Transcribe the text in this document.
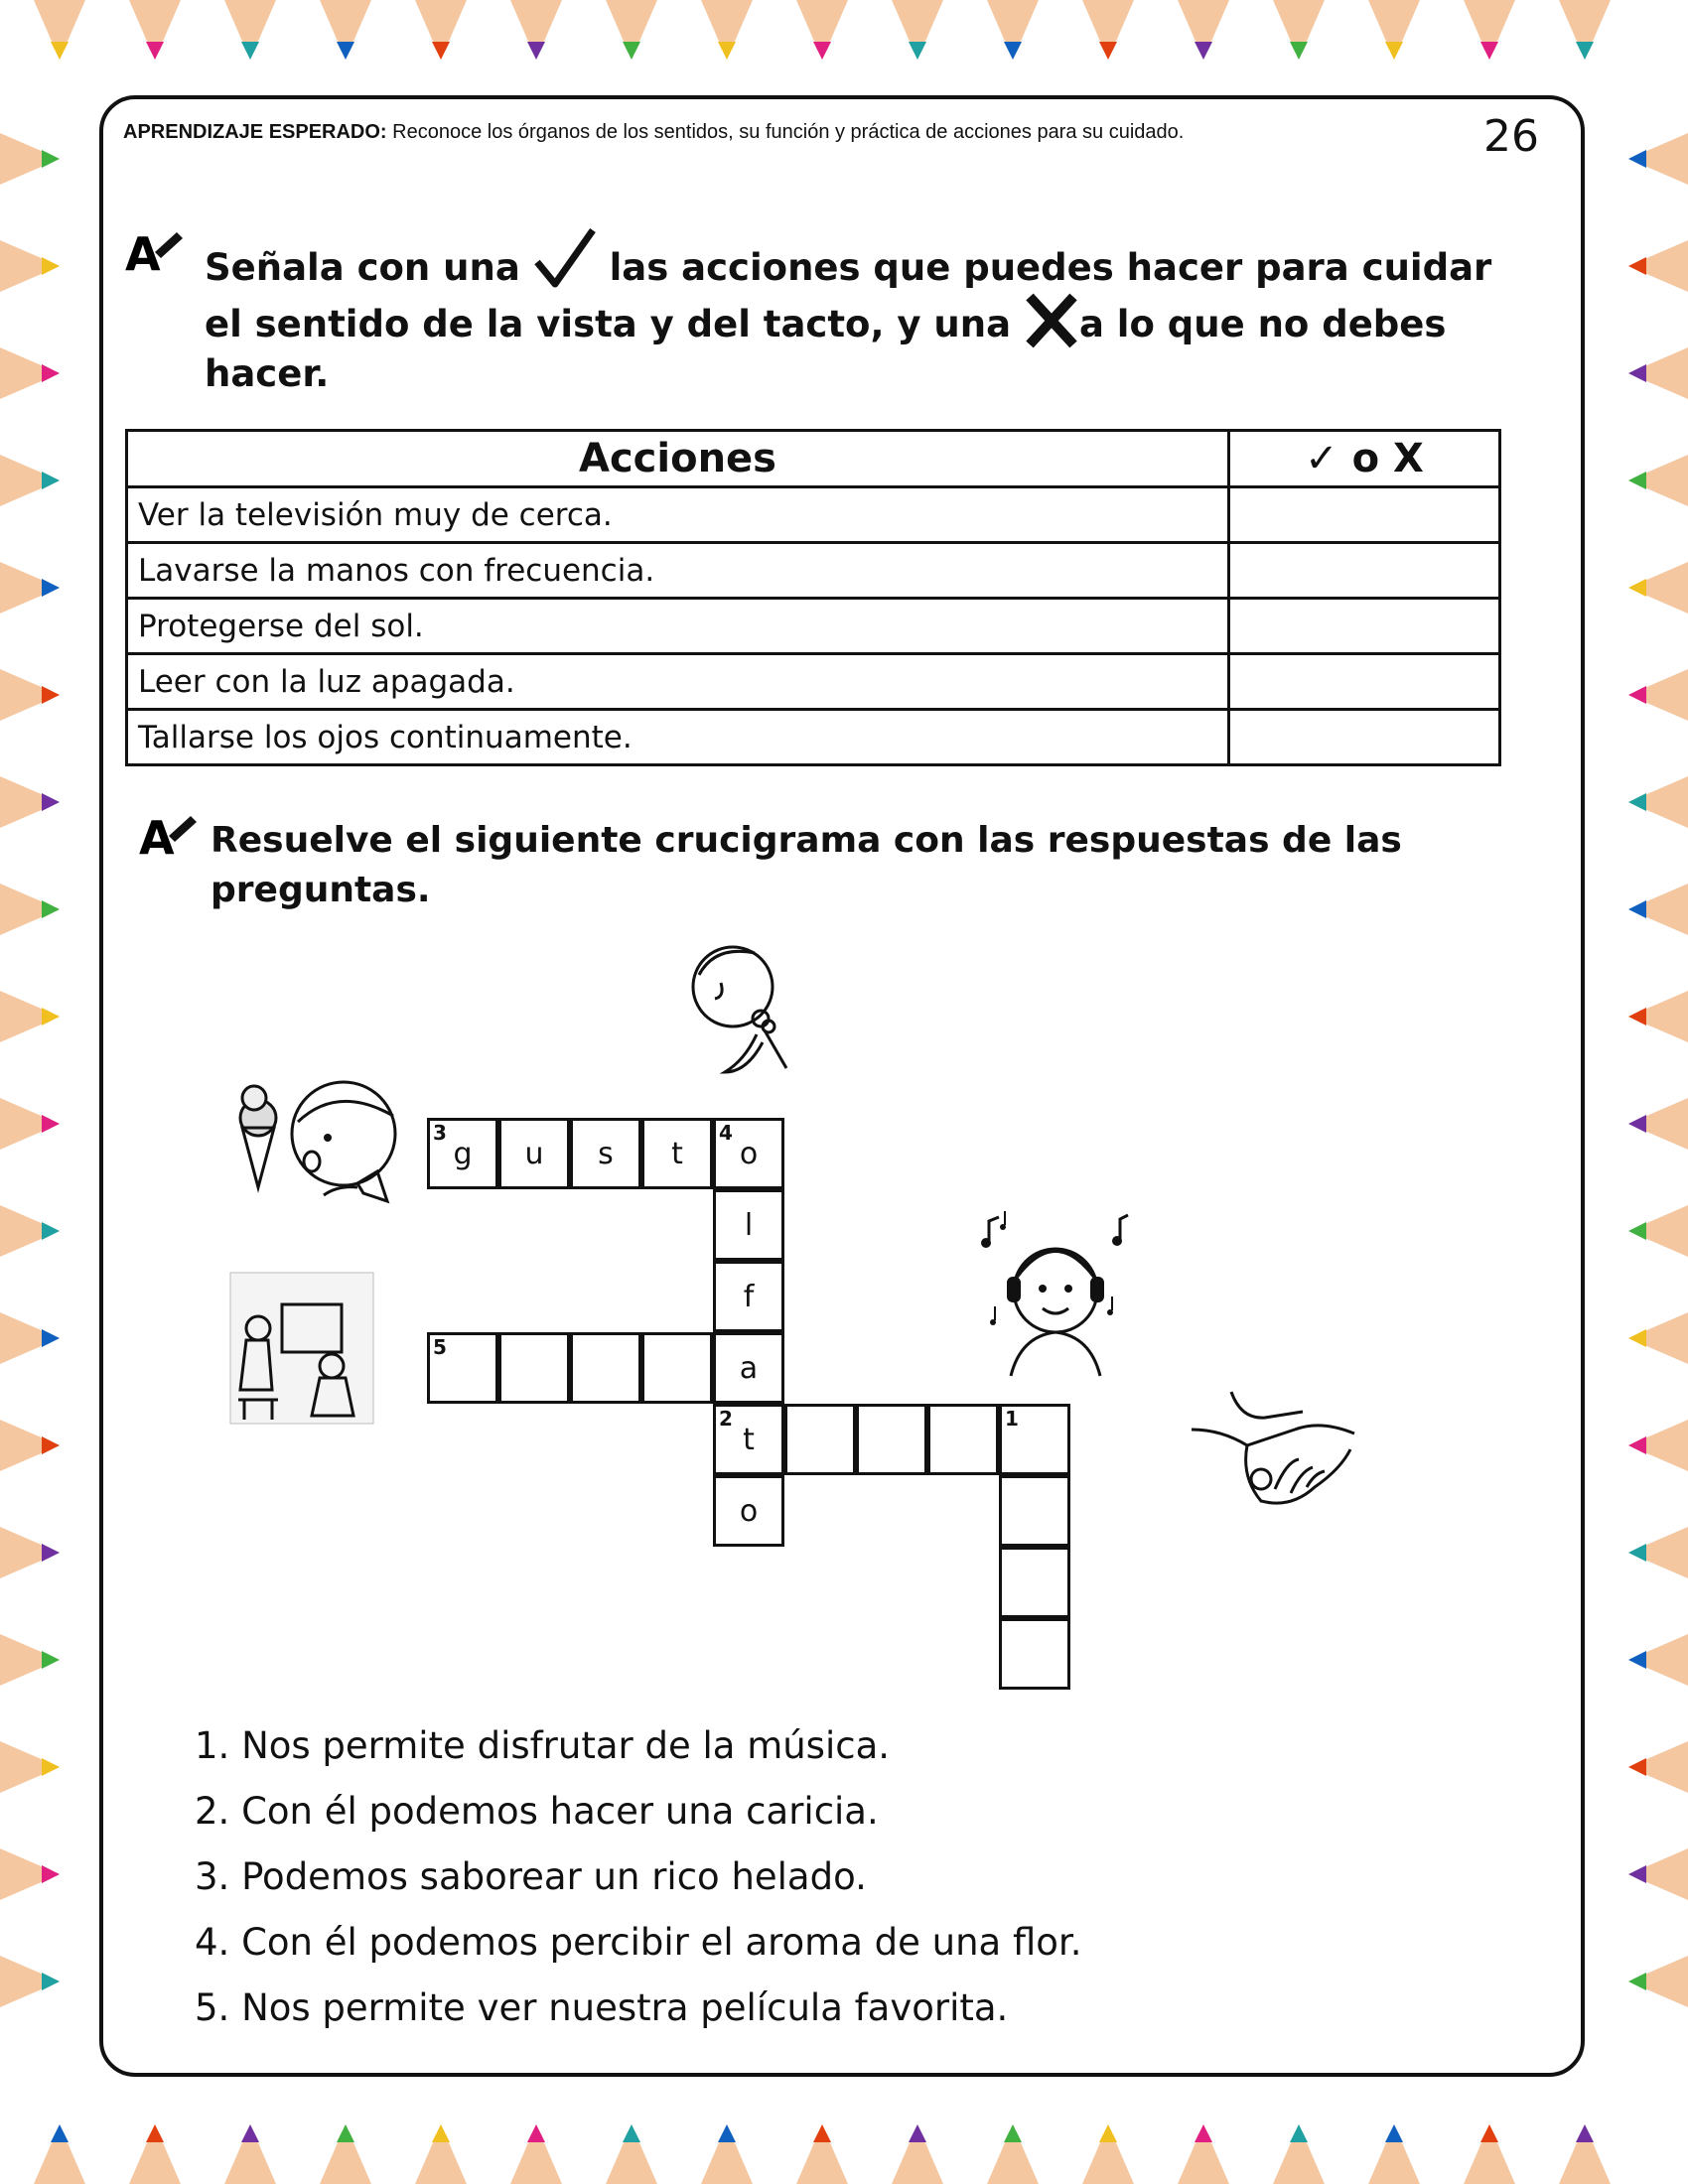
APRENDIZAJE ESPERADO: Reconoce los órganos de los sentidos, su función y práctica de acciones para su cuidado.	26
A Señala con una las acciones que puedes hacer para cuidar
el sentido de la vista y del tacto, y una a lo que no debes hacer.
Acciones	✓ o X
Ver la televisión muy de cerca.	
Lavarse la manos con frecuencia.	
Protegerse del sol.	
Leer con la luz apagada.	
Tallarse los ojos continuamente.	
A Resuelve el siguiente crucigrama con las respuestas de las preguntas.
3
g u s t
4
o
l
f
5
a
2
t
1
o
1. Nos permite disfrutar de la música.
2. Con él podemos hacer una caricia.
3. Podemos saborear un rico helado.
4. Con él podemos percibir el aroma de una flor.
5. Nos permite ver nuestra película favorita.
